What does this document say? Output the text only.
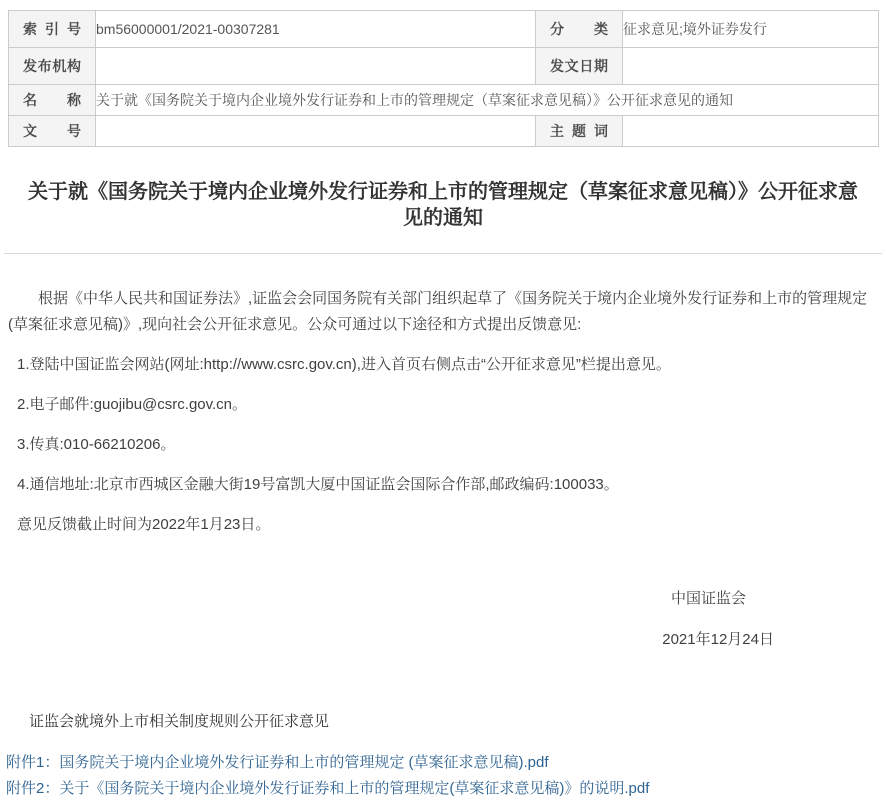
索引号	bm56000001/2021-00307281	分类	征求意见;境外证券发行

发布机构		发文日期	

名称	关于就《国务院关于境内企业境外发行证券和上市的管理规定（草案征求意见稿）》公开征求意见的通知		

文号		主题词	

关于就《国务院关于境内企业境外发行证券和上市的管理规定（草案征求意见稿）》公开征求意见的通知

根据《中华人民共和国证券法》,证监会会同国务院有关部门组织起草了《国务院关于境内企业境外发行证券和上市的管理规定(草案征求意见稿)》,现向社会公开征求意见。公众可通过以下途径和方式提出反馈意见:

1.登陆中国证监会网站(网址:http://www.csrc.gov.cn),进入首页右侧点击“公开征求意见”栏提出意见。

2.电子邮件:guojibu@csrc.gov.cn。

3.传真:010-66210206。

4.通信地址:北京市西城区金融大街19号富凯大厦中国证监会国际合作部,邮政编码:100033。

意见反馈截止时间为2022年1月23日。

中国证监会
2021年12月24日
证监会就境外上市相关制度规则公开征求意见
附件1：国务院关于境内企业境外发行证券和上市的管理规定 (草案征求意见稿).pdf
附件2：关于《国务院关于境内企业境外发行证券和上市的管理规定(草案征求意见稿)》的说明.pdf
